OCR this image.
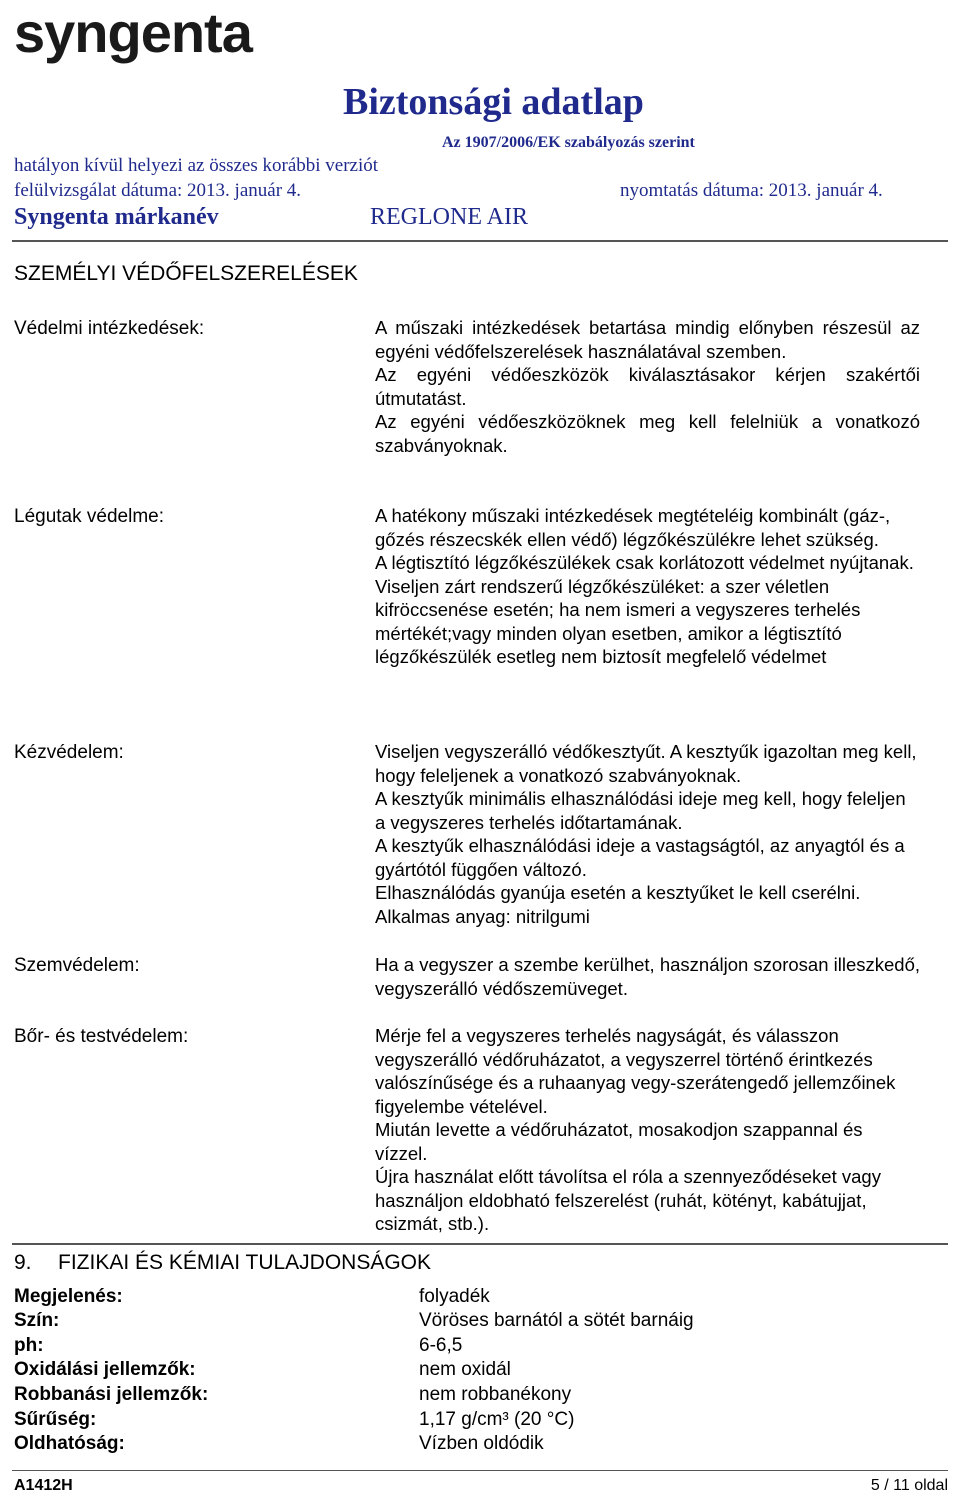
syngenta
Biztonsági adatlap
Az 1907/2006/EK szabályozás szerint
hatályon kívül helyezi az összes korábbi verziót
felülvizsgálat dátuma: 2013. január 4.	nyomtatás dátuma: 2013. január 4.
Syngenta márkanév	REGLONE AIR
SZEMÉLYI VÉDŐFELSZERELÉSEK
Védelmi intézkedések:	A műszaki intézkedések betartása mindig előnyben részesül az egyéni védőfelszerelések használatával szemben.

Az egyéni védőeszközök kiválasztásakor kérjen szakértői útmutatást.

Az egyéni védőeszközöknek meg kell felelniük a vonatkozó szabványoknak.

Légutak védelme:	A hatékony műszaki intézkedések megtételéig kombinált (gáz-, gőzés részecskék ellen védő) légzőkészülékre lehet szükség.

A légtisztító légzőkészülékek csak korlátozott védelmet nyújtanak.

Viseljen zárt rendszerű légzőkészüléket: a szer véletlen kifröccsenése esetén; ha nem ismeri a vegyszeres terhelés mértékét;vagy minden olyan esetben, amikor a légtisztító légzőkészülék esetleg nem biztosít megfelelő védelmet

Kézvédelem:	Viseljen vegyszerálló védőkesztyűt. A kesztyűk igazoltan meg kell, hogy feleljenek a vonatkozó szabványoknak.

A kesztyűk minimális elhasználódási ideje meg kell, hogy feleljen a vegyszeres terhelés időtartamának.

A kesztyűk elhasználódási ideje a vastagságtól, az anyagtól és a gyártótól függően változó.

Elhasználódás gyanúja esetén a kesztyűket le kell cserélni.

Alkalmas anyag: nitrilgumi

Szemvédelem:	Ha a vegyszer a szembe kerülhet, használjon szorosan illeszkedő, vegyszerálló védőszemüveget.

Bőr- és testvédelem:	Mérje fel a vegyszeres terhelés nagyságát, és válasszon vegyszerálló védőruházatot, a vegyszerrel történő érintkezés valószínűsége és a ruhaanyag vegy-szerátengedő jellemzőinek figyelembe vételével.

Miután levette a védőruházatot, mosakodjon szappannal és vízzel.

Újra használat előtt távolítsa el róla a szennyeződéseket vagy használjon eldobható felszerelést (ruhát, kötényt, kabátujjat, csizmát, stb.).

9. FIZIKAI ÉS KÉMIAI TULAJDONSÁGOK
Megjelenés:	folyadék
Szín:	Vöröses barnától a sötét barnáig
ph:	6-6,5
Oxidálási jellemzők:	nem oxidál
Robbanási jellemzők:	nem robbanékony
Sűrűség:	1,17 g/cm³ (20 °C)
Oldhatóság:	Vízben oldódik
A1412H	5 / 11 oldal
